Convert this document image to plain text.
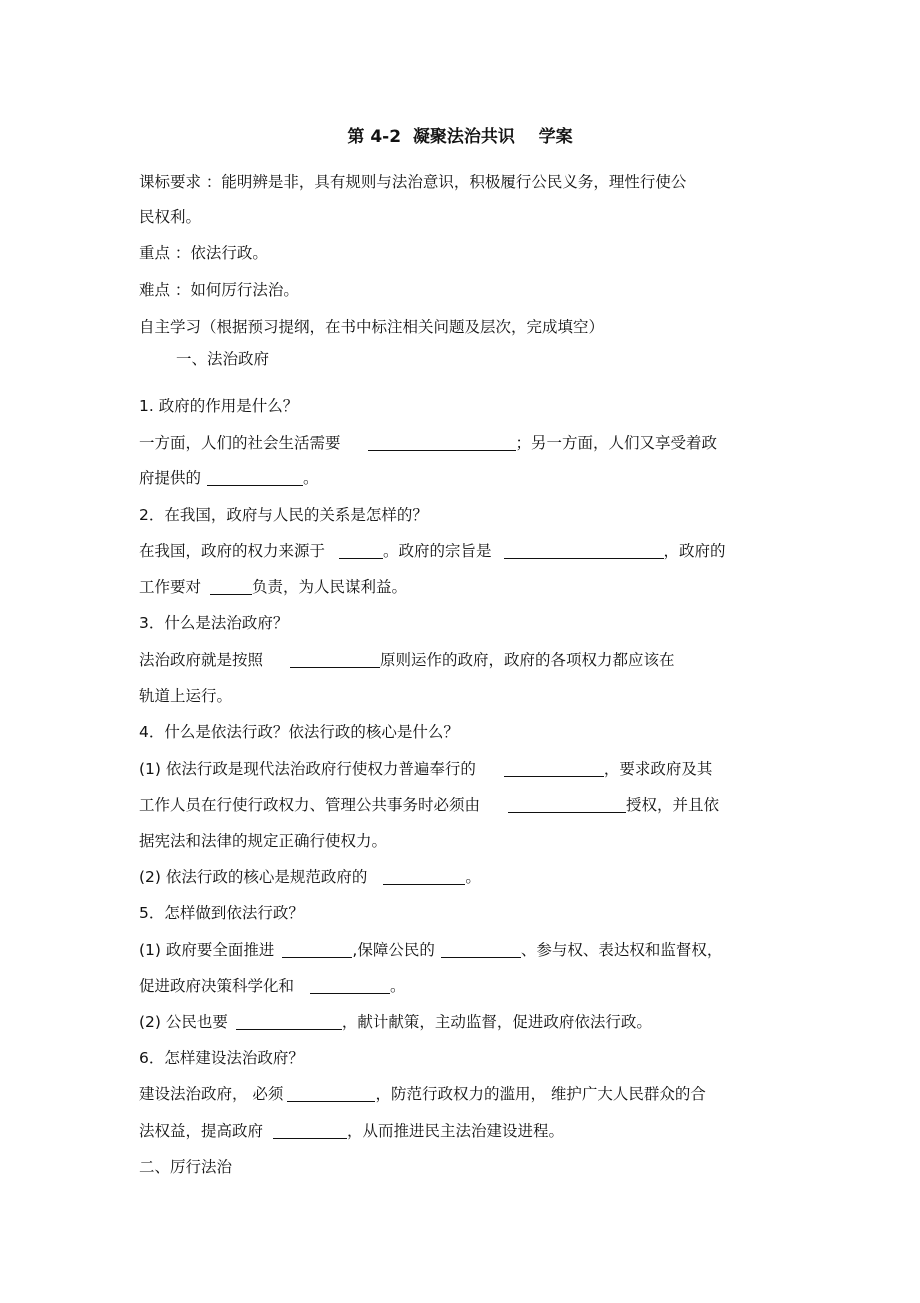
第 4-2  凝聚法治共识    学案
课标要求 ：能明辨是非，具有规则与法治意识，积极履行公民义务，理性行使公
民权利。
重点 ：依法行政。
难点 ：如何厉行法治。
自主学习（根据预习提纲，在书中标注相关问题及层次，完成填空）
一、法治政府
1. 政府的作用是什么？
一方面，人们的社会生活需要	；另一方面，人们又享受着政
府提供的	。
2．在我国，政府与人民的关系是怎样的？
在我国，政府的权力来源于	。政府的宗旨是	，政府的
工作要对	负责，为人民谋利益。
3．什么是法治政府？
法治政府就是按照	原则运作的政府，政府的各项权力都应该在
轨道上运行。
4．什么是依法行政？依法行政的核心是什么？
(1) 依法行政是现代法治政府行使权力普遍奉行的	，要求政府及其
工作人员在行使行政权力、管理公共事务时必须由	授权，并且依
据宪法和法律的规定正确行使权力。
(2) 依法行政的核心是规范政府的	。
5．怎样做到依法行政？
(1) 政府要全面推进	,保障公民的	、参与权、表达权和监督权，
促进政府决策科学化和	。
(2) 公民也要	，献计献策，主动监督，促进政府依法行政。
6．怎样建设法治政府？
建设法治政府， 必须	，防范行政权力的滥用， 维护广大人民群众的合
法权益，提高政府	，从而推进民主法治建设进程。
二、厉行法治
